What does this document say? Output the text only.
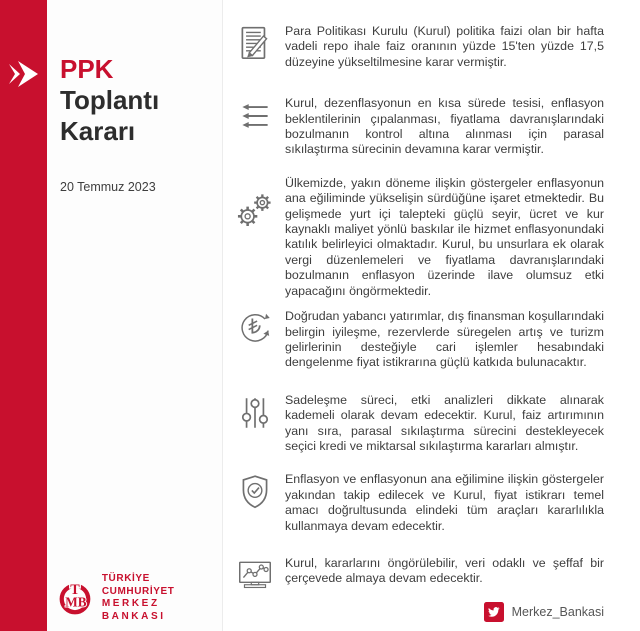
PPK
Toplantı
Kararı
20 Temmuz 2023
T
MB
TÜRKİYE CUMHURİYET
MERKEZ BANKASI

Para Politikası Kurulu (Kurul) politika faizi olan bir hafta vadeli repo ihale faiz oranının yüzde 15'ten yüzde 17,5 düzeyine yükseltilmesine karar vermiştir.

Kurul, dezenflasyonun en kısa sürede tesisi, enflasyon beklentilerinin çıpalanması, fiyatlama davranışlarındaki bozulmanın kontrol altına alınması için parasal sıkılaştırma sürecinin devamına karar vermiştir.

Ülkemizde, yakın döneme ilişkin göstergeler enflasyonun ana eğiliminde yükselişin sürdüğüne işaret etmektedir. Bu gelişmede yurt içi talepteki güçlü seyir, ücret ve kur kaynaklı maliyet yönlü baskılar ile hizmet enflasyonundaki katılık belirleyici olmaktadır. Kurul, bu unsurlara ek olarak vergi düzenlemeleri ve fiyatlama davranışlarındaki bozulmanın enflasyon üzerinde ilave olumsuz etki yapacağını öngörmektedir.

Doğrudan yabancı yatırımlar, dış finansman koşullarındaki belirgin iyileşme, rezervlerde süregelen artış ve turizm gelirlerinin desteğiyle cari işlemler hesabındaki dengelenme fiyat istikrarına güçlü katkıda bulunacaktır.

Sadeleşme süreci, etki analizleri dikkate alınarak kademeli olarak devam edecektir. Kurul, faiz artırımının yanı sıra, parasal sıkılaştırma sürecini destekleyecek seçici kredi ve miktarsal sıkılaştırma kararları almıştır.

Enflasyon ve enflasyonun ana eğilimine ilişkin göstergeler yakından takip edilecek ve Kurul, fiyat istikrarı temel amacı doğrultusunda elindeki tüm araçları kararlılıkla kullanmaya devam edecektir.

Kurul, kararlarını öngörülebilir, veri odaklı ve şeffaf bir çerçevede almaya devam edecektir.

Merkez_Bankasi
